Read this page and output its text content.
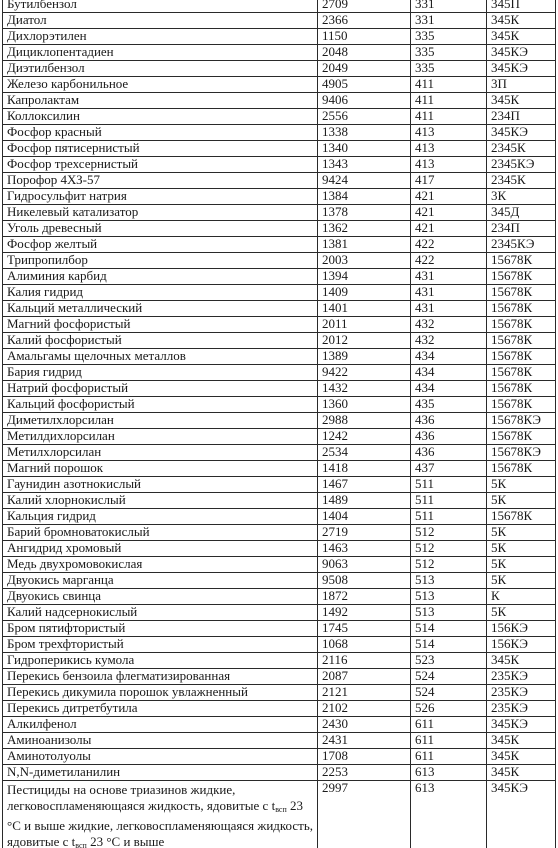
Бутилбензол	2709	331	345П
Диатол	2366	331	345К
Дихлорэтилен	1150	335	345К
Дициклопентадиен	2048	335	345КЭ
Диэтилбензол	2049	335	345КЭ
Железо карбонильное	4905	411	3П
Капролактам	9406	411	345К
Коллоксилин	2556	411	234П
Фосфор красный	1338	413	345КЭ
Фосфор пятисернистый	1340	413	2345К
Фосфор трехсернистый	1343	413	2345КЭ
Порофор 4ХЗ-57	9424	417	2345К
Гидросульфит натрия	1384	421	3К
Никелевый катализатор	1378	421	345Д
Уголь древесный	1362	421	234П
Фосфор желтый	1381	422	2345КЭ
Трипропилбор	2003	422	15678К
Алиминия карбид	1394	431	15678К
Калия гидрид	1409	431	15678К
Кальций металлический	1401	431	15678К
Магний фосфористый	2011	432	15678К
Калий фосфористый	2012	432	15678К
Амальгамы щелочных металлов	1389	434	15678К
Бария гидрид	9422	434	15678К
Натрий фосфористый	1432	434	15678К
Кальций фосфористый	1360	435	15678К
Диметилхлорсилан	2988	436	15678КЭ
Метилдихлорсилан	1242	436	15678К
Метилхлорсилан	2534	436	15678КЭ
Магний порошок	1418	437	15678К
Гаунидин азотнокислый	1467	511	5К
Калий хлорнокислый	1489	511	5К
Кальция гидрид	1404	511	15678К
Барий бромноватокислый	2719	512	5К
Ангидрид хромовый	1463	512	5К
Медь двухромовокислая	9063	512	5К
Двуокись марганца	9508	513	5К
Двуокись свинца	1872	513	К
Калий надсернокислый	1492	513	5К
Бром пятифтористый	1745	514	156КЭ
Бром трехфтористый	1068	514	156КЭ
Гидроперикись кумола	2116	523	345К
Перекись бензоила флегматизированная	2087	524	235КЭ
Перекись дикумила порошок увлажненный	2121	524	235КЭ
Перекись дитретбутила	2102	526	235КЭ
Алкилфенол	2430	611	345КЭ
Аминоанизолы	2431	611	345К
Аминотолуолы	1708	611	345К
N,N-диметиланилин	2253	613	345К
Пестициды на основе триазинов жидкие, легковоспламеняющаяся жидкость, ядовитые с $t_{всп}$ 23 °С и выше жидкие, легковоспламеняющаяся жидкость, ядовитые с $t_{всп}$ 23 °С и выше	2997	613	345КЭ
